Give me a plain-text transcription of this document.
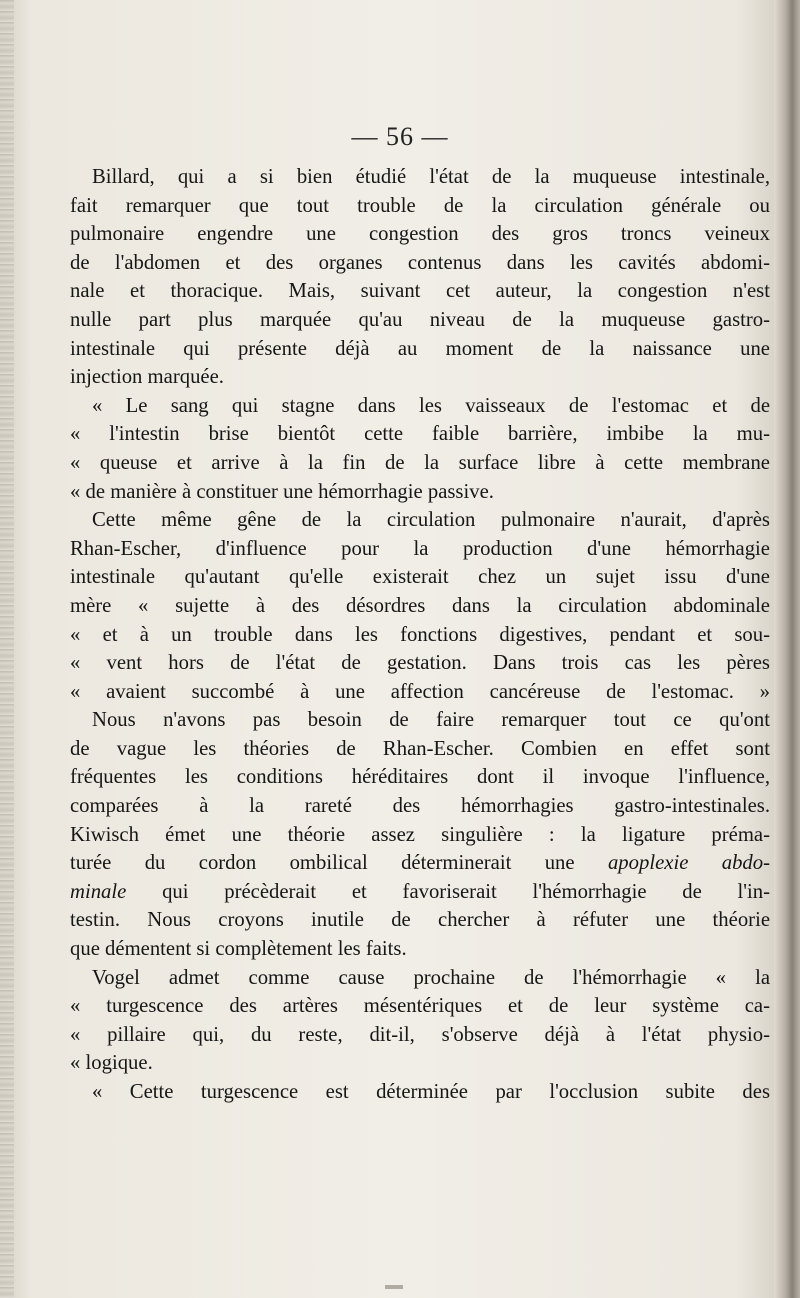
— 56 —
Billard, qui a si bien étudié l'état de la muqueuse intestinale,
fait remarquer que tout trouble de la circulation générale ou
pulmonaire engendre une congestion des gros troncs veineux
de l'abdomen et des organes contenus dans les cavités abdomi-
nale et thoracique. Mais, suivant cet auteur, la congestion n'est
nulle part plus marquée qu'au niveau de la muqueuse gastro-
intestinale qui présente déjà au moment de la naissance une
injection marquée.
« Le sang qui stagne dans les vaisseaux de l'estomac et de
« l'intestin brise bientôt cette faible barrière, imbibe la mu-
« queuse et arrive à la fin de la surface libre à cette membrane
« de manière à constituer une hémorrhagie passive.
Cette même gêne de la circulation pulmonaire n'aurait, d'après
Rhan-Escher, d'influence pour la production d'une hémorrhagie
intestinale qu'autant qu'elle existerait chez un sujet issu d'une
mère « sujette à des désordres dans la circulation abdominale
« et à un trouble dans les fonctions digestives, pendant et sou-
« vent hors de l'état de gestation. Dans trois cas les pères
« avaient succombé à une affection cancéreuse de l'estomac. »
Nous n'avons pas besoin de faire remarquer tout ce qu'ont
de vague les théories de Rhan-Escher. Combien en effet sont
fréquentes les conditions héréditaires dont il invoque l'influence,
comparées à la rareté des hémorrhagies gastro-intestinales.
Kiwisch émet une théorie assez singulière : la ligature préma-
turée du cordon ombilical déterminerait une apoplexie abdo-
minale qui précèderait et favoriserait l'hémorrhagie de l'in-
testin. Nous croyons inutile de chercher à réfuter une théorie
que démentent si complètement les faits.
Vogel admet comme cause prochaine de l'hémorrhagie « la
« turgescence des artères mésentériques et de leur système ca-
« pillaire qui, du reste, dit-il, s'observe déjà à l'état physio-
« logique.
« Cette turgescence est déterminée par l'occlusion subite des
